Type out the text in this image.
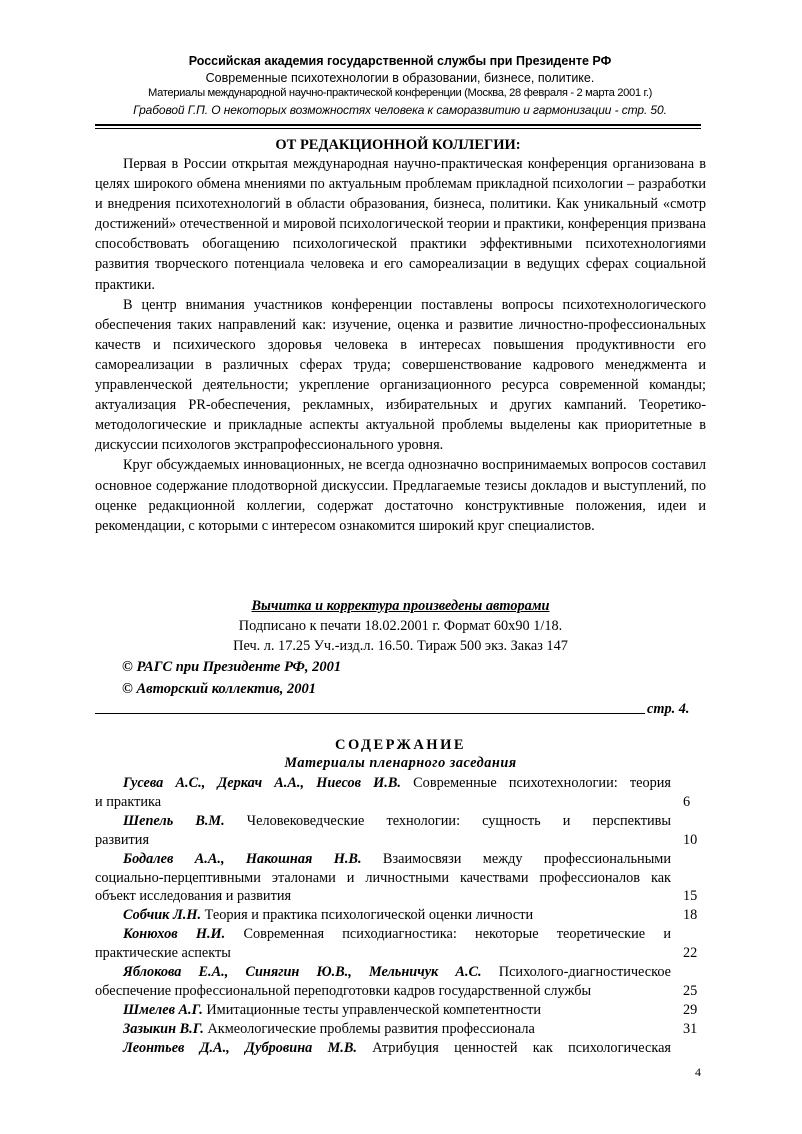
Российская академия государственной службы при Президенте РФ
Современные психотехнологии в образовании, бизнесе, политике.
Материалы международной научно-практической конференции (Москва, 28 февраля - 2 марта 2001 г.)
Грабовой Г.П. О некоторых возможностях человека к саморазвитию и гармонизации - стр. 50.
ОТ РЕДАКЦИОННОЙ КОЛЛЕГИИ:

Первая в России открытая международная научно-практическая конференция организована в целях широкого обмена мнениями по актуальным проблемам прикладной психологии – разработки и внедрения психотехнологий в области образования, бизнеса, политики. Как уникальный «смотр достижений» отечественной и мировой психологической теории и практики, конференция призвана способствовать обогащению психологической практики эффективными психотехнологиями развития творческого потенциала человека и его самореализации в ведущих сферах социальной практики.

В центр внимания участников конференции поставлены вопросы психотехнологического обеспечения таких направлений как: изучение, оценка и развитие личностно-профессиональных качеств и психического здоровья человека в интересах повышения продуктивности его самореализации в различных сферах труда; совершенствование кадрового менеджмента и управленческой деятельности; укрепление организационного ресурса современной команды; актуализация PR-обеспечения, рекламных, избирательных и других кампаний. Теоретико-методологические и прикладные аспекты актуальной проблемы выделены как приоритетные в дискуссии психологов экстрапрофессионального уровня.

Круг обсуждаемых инновационных, не всегда однозначно воспринимаемых вопросов составил основное содержание плодотворной дискуссии. Предлагаемые тезисы докладов и выступлений, по оценке редакционной коллегии, содержат достаточно конструктивные положения, идеи и рекомендации, с которыми с интересом ознакомится широкий круг специалистов.

Вычитка и корректура произведены авторами
Подписано к печати 18.02.2001 г. Формат 60x90 1/18.
Печ. л. 17.25 Уч.-изд.л. 16.50. Тираж 500 экз. Заказ 147
© РАГС при Президенте РФ, 2001
© Авторский коллектив, 2001
стр. 4.
СОДЕРЖАНИЕ
Материалы пленарного заседания
Гусева А.С., Деркач А.А., Ниесов И.В. Современные психотехнологии: теория
и практика	6
Шепель В.М. Человековедческие технологии: сущность и перспективы
развития	10
Бодалев А.А., Накошная Н.В. Взаимосвязи между профессиональными
социально-перцептивными эталонами и личностными качествами профессионалов как объект исследования и развития	15
Собчик Л.Н. Теория и практика психологической оценки личности	18
Конюхов Н.И. Современная психодиагностика: некоторые теоретические и
практические аспекты	22
Яблокова Е.А., Синягин Ю.В., Мельничук А.С. Психолого-диагностическое
обеспечение профессиональной переподготовки кадров государственной службы	25
Шмелев А.Г. Имитационные тесты управленческой компетентности	29
Зазыкин В.Г. Акмеологические проблемы развития профессионала	31
Леонтьев Д.А., Дубровина М.В. Атрибуция ценностей как психологическая
4
